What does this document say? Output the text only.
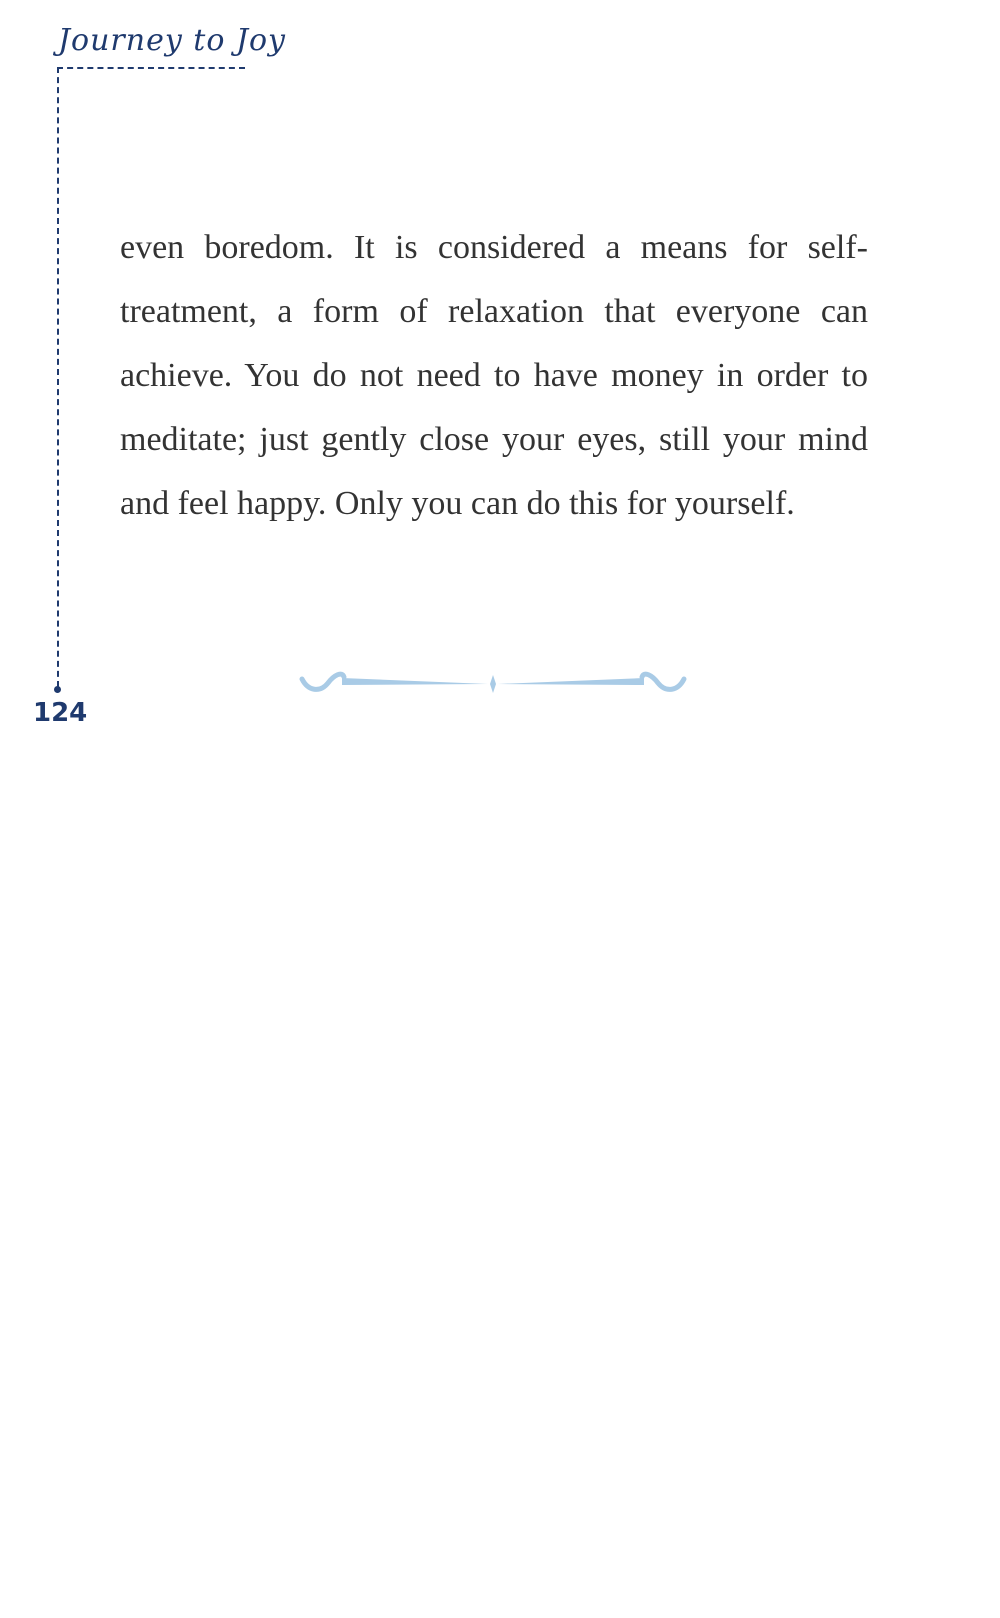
Journey to Joy

even boredom. It is considered a means for self-treatment, a form of relaxation that everyone can achieve. You do not need to have money in order to meditate; just gently close your eyes, still your mind and feel happy. Only you can do this for yourself.

124
